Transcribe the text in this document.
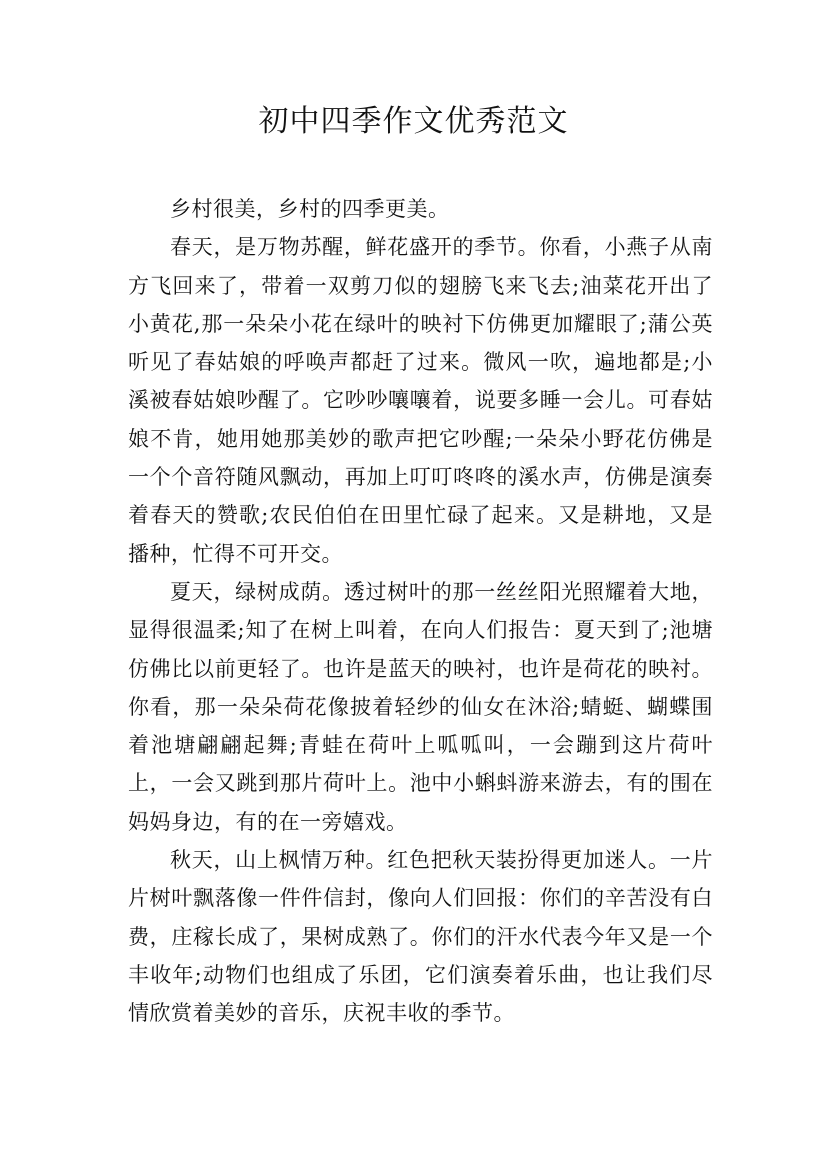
初中四季作文优秀范文

乡村很美，乡村的四季更美。

春天，是万物苏醒，鲜花盛开的季节。你看，小燕子从南方飞回来了，带着一双剪刀似的翅膀飞来飞去;油菜花开出了小黄花,那一朵朵小花在绿叶的映衬下仿佛更加耀眼了;蒲公英听见了春姑娘的呼唤声都赶了过来。微风一吹，遍地都是;小溪被春姑娘吵醒了。它吵吵嚷嚷着，说要多睡一会儿。可春姑娘不肯，她用她那美妙的歌声把它吵醒;一朵朵小野花仿佛是一个个音符随风飘动，再加上叮叮咚咚的溪水声，仿佛是演奏着春天的赞歌;农民伯伯在田里忙碌了起来。又是耕地，又是播种，忙得不可开交。

夏天，绿树成荫。透过树叶的那一丝丝阳光照耀着大地，显得很温柔;知了在树上叫着，在向人们报告：夏天到了;池塘仿佛比以前更轻了。也许是蓝天的映衬，也许是荷花的映衬。你看，那一朵朵荷花像披着轻纱的仙女在沐浴;蜻蜓、蝴蝶围着池塘翩翩起舞;青蛙在荷叶上呱呱叫，一会蹦到这片荷叶上，一会又跳到那片荷叶上。池中小蝌蚪游来游去，有的围在妈妈身边，有的在一旁嬉戏。

秋天，山上枫情万种。红色把秋天装扮得更加迷人。一片片树叶飘落像一件件信封，像向人们回报：你们的辛苦没有白费，庄稼长成了，果树成熟了。你们的汗水代表今年又是一个丰收年;动物们也组成了乐团，它们演奏着乐曲，也让我们尽情欣赏着美妙的音乐，庆祝丰收的季节。
